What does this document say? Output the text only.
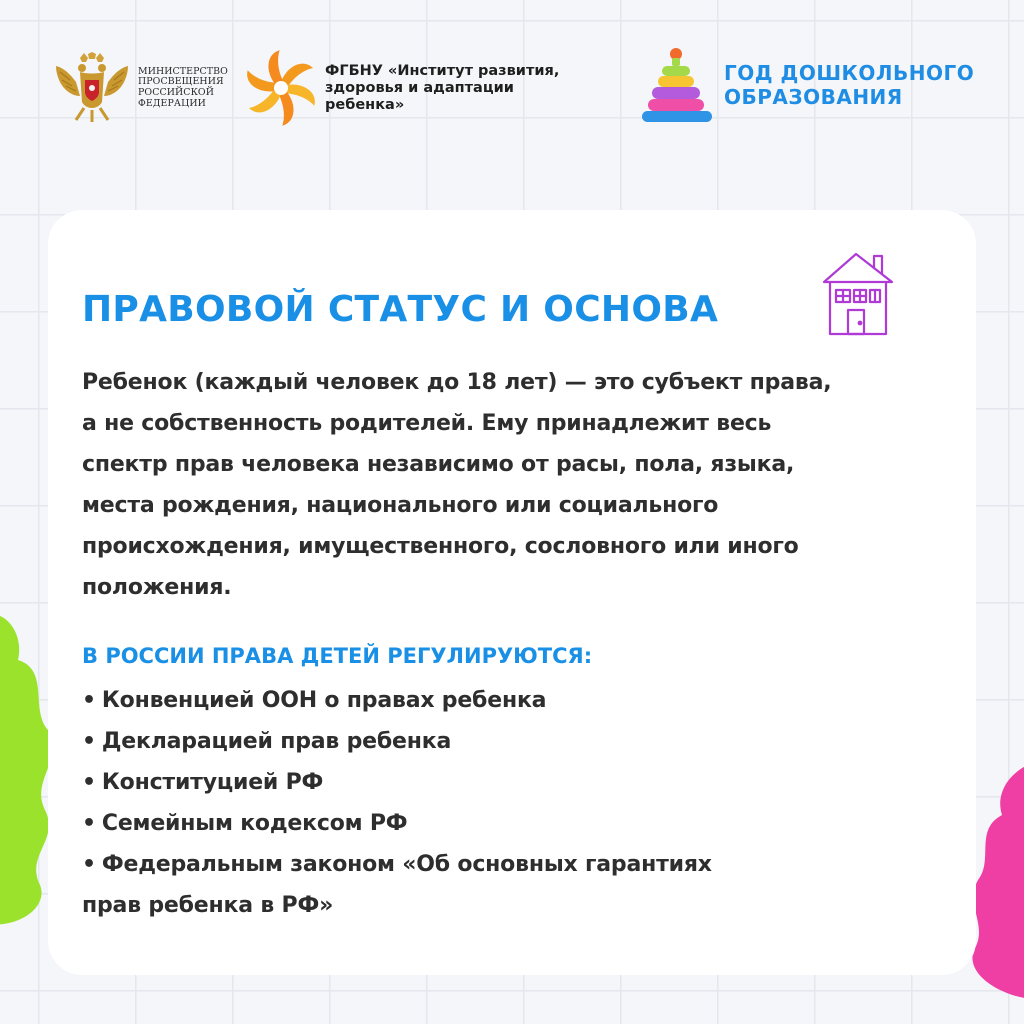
МИНИСТЕРСТВО
ПРОСВЕЩЕНИЯ
РОССИЙСКОЙ
ФЕДЕРАЦИИ
ФГБНУ «Институт развития,
здоровья и адаптации
ребенка»
ГОД ДОШКОЛЬНОГО
ОБРАЗОВАНИЯ
ПРАВОВОЙ СТАТУС И ОСНОВА

Ребенок (каждый человек до 18 лет) — это субъект права,
а не собственность родителей. Ему принадлежит весь
спектр прав человека независимо от расы, пола, языка,
места рождения, национального или социального
происхождения, имущественного, сословного или иного
положения.

В РОССИИ ПРАВА ДЕТЕЙ РЕГУЛИРУЮТСЯ:
• Конвенцией ООН о правах ребенка
• Декларацией прав ребенка
• Конституцией РФ
• Семейным кодексом РФ
• Федеральным законом «Об основных гарантиях
прав ребенка в РФ»
